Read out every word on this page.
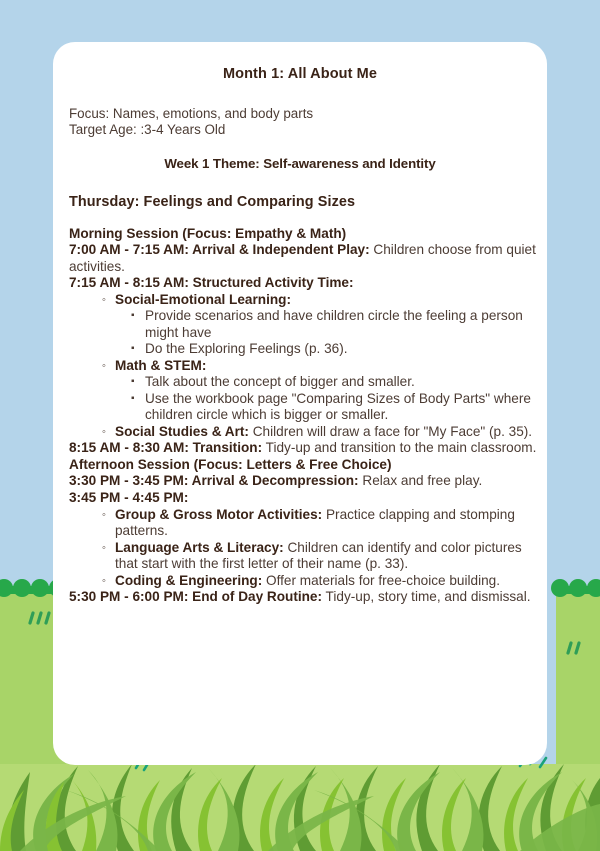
Month 1: All About Me
Focus: Names, emotions, and body parts
Target Age: :3-4 Years Old
Week 1 Theme: Self-awareness and Identity
Thursday: Feelings and Comparing Sizes
Morning Session (Focus: Empathy & Math)
7:00 AM - 7:15 AM: Arrival & Independent Play: Children choose from quiet activities.
7:15 AM - 8:15 AM: Structured Activity Time:
◦ Social-Emotional Learning:
▪ Provide scenarios and have children circle the feeling a person might have
▪ Do the Exploring Feelings (p. 36).
◦ Math & STEM:
▪ Talk about the concept of bigger and smaller.
▪ Use the workbook page "Comparing Sizes of Body Parts" where children circle which is bigger or smaller.
◦ Social Studies & Art: Children will draw a face for "My Face" (p. 35).
8:15 AM - 8:30 AM: Transition: Tidy-up and transition to the main classroom.
Afternoon Session (Focus: Letters & Free Choice)
3:30 PM - 3:45 PM: Arrival & Decompression: Relax and free play.
3:45 PM - 4:45 PM:
◦ Group & Gross Motor Activities: Practice clapping and stomping patterns.
◦ Language Arts & Literacy: Children can identify and color pictures that start with the first letter of their name (p. 33).
◦ Coding & Engineering: Offer materials for free-choice building.
5:30 PM - 6:00 PM: End of Day Routine: Tidy-up, story time, and dismissal.
